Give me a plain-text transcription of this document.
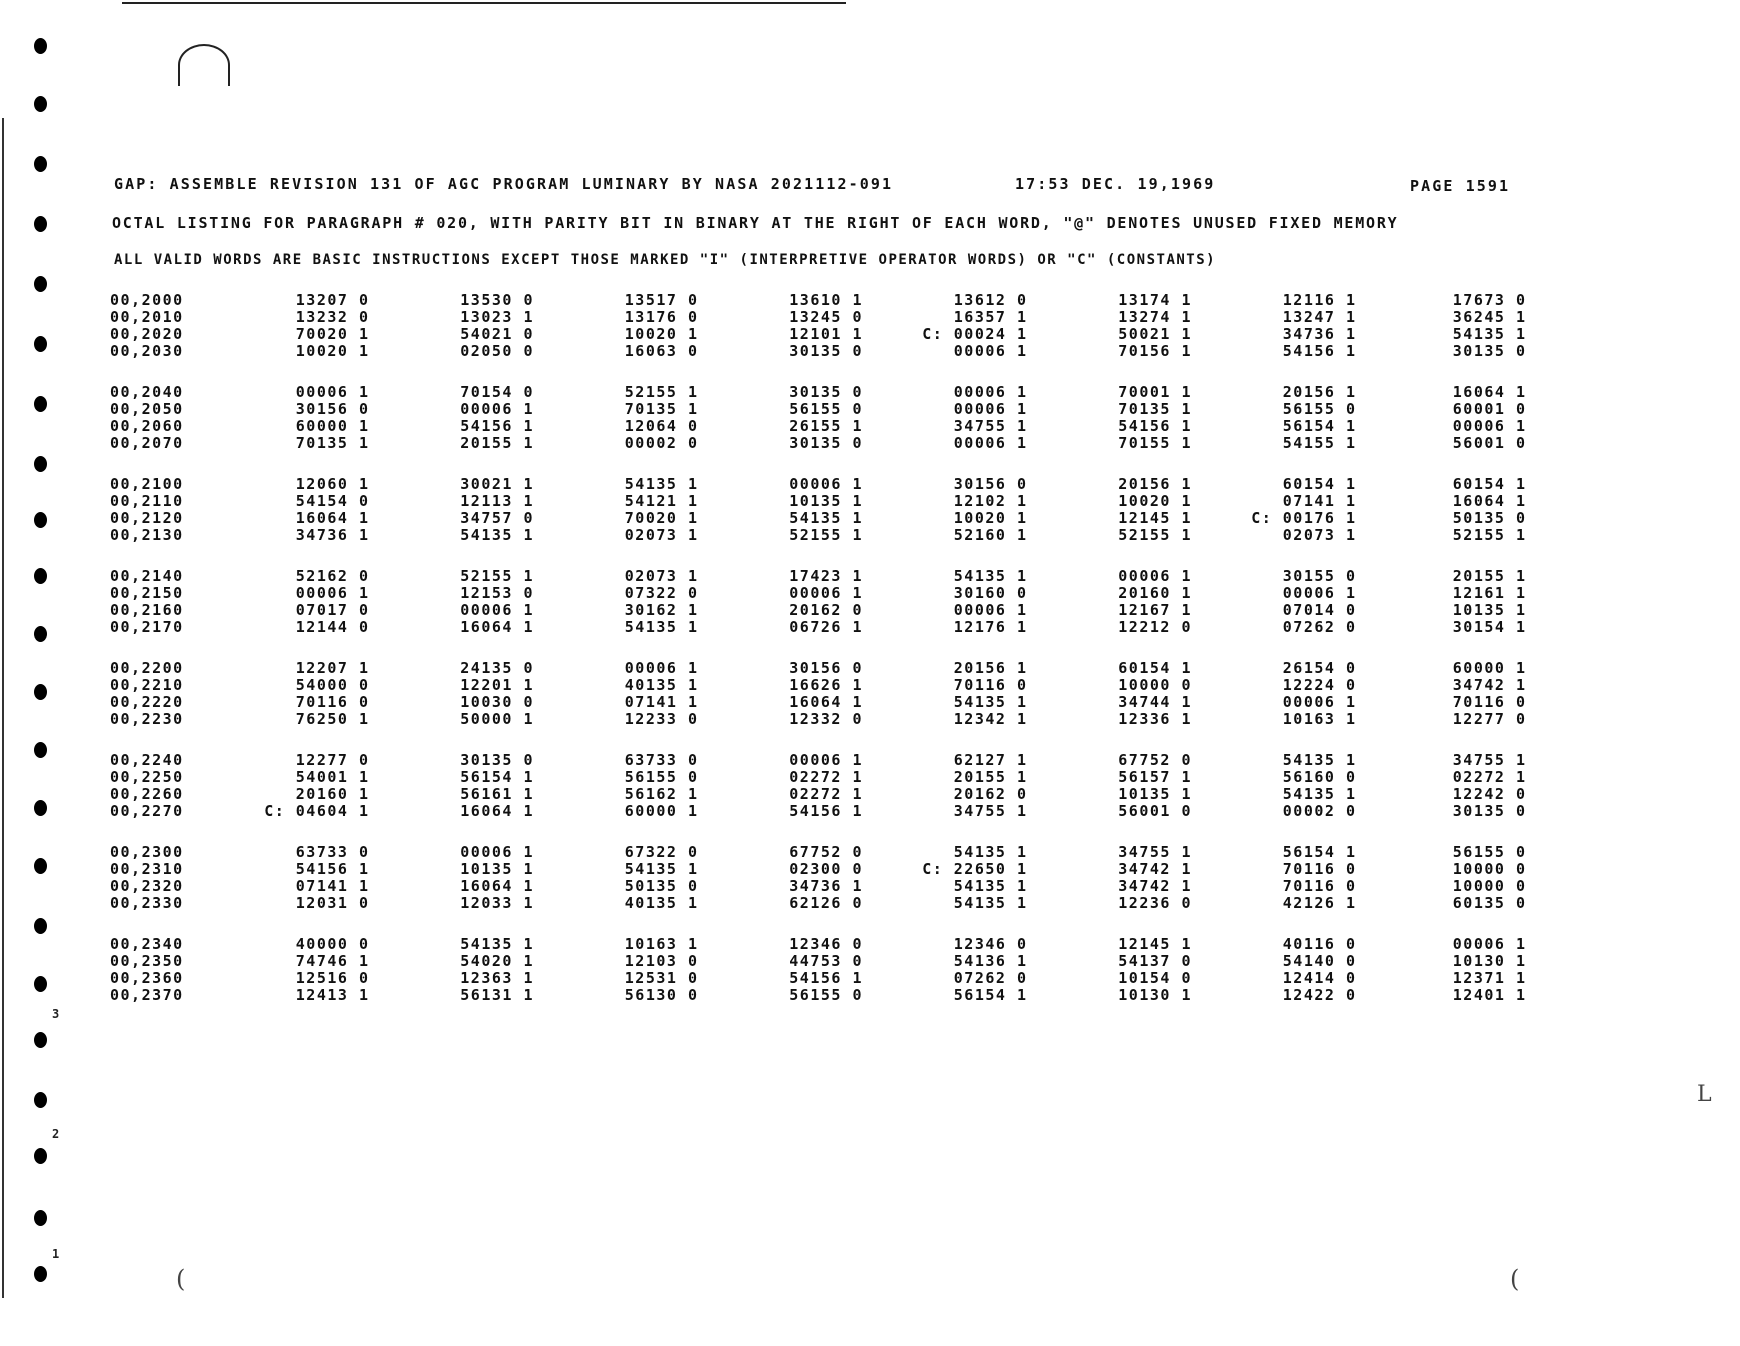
3
2
1
(	(
L
GAP: ASSEMBLE REVISION 131 OF AGC PROGRAM LUMINARY BY NASA 2021112-091	17:53 DEC. 19,1969	PAGE 1591
OCTAL LISTING FOR PARAGRAPH # 020, WITH PARITY BIT IN BINARY AT THE RIGHT OF EACH WORD, "@" DENOTES UNUSED FIXED MEMORY
ALL VALID WORDS ARE BASIC INSTRUCTIONS EXCEPT THOSE MARKED "I" (INTERPRETIVE OPERATOR WORDS) OR "C" (CONSTANTS)
00,2000	13207 0	13530 0	13517 0	13610 1	13612 0	13174 1	12116 1	17673 0
00,2010	13232 0	13023 1	13176 0	13245 0	16357 1	13274 1	13247 1	36245 1
00,2020	70020 1	54021 0	10020 1	12101 1	C: 00024 1	50021 1	34736 1	54135 1
00,2030	10020 1	02050 0	16063 0	30135 0	00006 1	70156 1	54156 1	30135 0
00,2040	00006 1	70154 0	52155 1	30135 0	00006 1	70001 1	20156 1	16064 1
00,2050	30156 0	00006 1	70135 1	56155 0	00006 1	70135 1	56155 0	60001 0
00,2060	60000 1	54156 1	12064 0	26155 1	34755 1	54156 1	56154 1	00006 1
00,2070	70135 1	20155 1	00002 0	30135 0	00006 1	70155 1	54155 1	56001 0
00,2100	12060 1	30021 1	54135 1	00006 1	30156 0	20156 1	60154 1	60154 1
00,2110	54154 0	12113 1	54121 1	10135 1	12102 1	10020 1	07141 1	16064 1
00,2120	16064 1	34757 0	70020 1	54135 1	10020 1	12145 1	C: 00176 1	50135 0
00,2130	34736 1	54135 1	02073 1	52155 1	52160 1	52155 1	02073 1	52155 1
00,2140	52162 0	52155 1	02073 1	17423 1	54135 1	00006 1	30155 0	20155 1
00,2150	00006 1	12153 0	07322 0	00006 1	30160 0	20160 1	00006 1	12161 1
00,2160	07017 0	00006 1	30162 1	20162 0	00006 1	12167 1	07014 0	10135 1
00,2170	12144 0	16064 1	54135 1	06726 1	12176 1	12212 0	07262 0	30154 1
00,2200	12207 1	24135 0	00006 1	30156 0	20156 1	60154 1	26154 0	60000 1
00,2210	54000 0	12201 1	40135 1	16626 1	70116 0	10000 0	12224 0	34742 1
00,2220	70116 0	10030 0	07141 1	16064 1	54135 1	34744 1	00006 1	70116 0
00,2230	76250 1	50000 1	12233 0	12332 0	12342 1	12336 1	10163 1	12277 0
00,2240	12277 0	30135 0	63733 0	00006 1	62127 1	67752 0	54135 1	34755 1
00,2250	54001 1	56154 1	56155 0	02272 1	20155 1	56157 1	56160 0	02272 1
00,2260	20160 1	56161 1	56162 1	02272 1	20162 0	10135 1	54135 1	12242 0
00,2270	C: 04604 1	16064 1	60000 1	54156 1	34755 1	56001 0	00002 0	30135 0
00,2300	63733 0	00006 1	67322 0	67752 0	54135 1	34755 1	56154 1	56155 0
00,2310	54156 1	10135 1	54135 1	02300 0	C: 22650 1	34742 1	70116 0	10000 0
00,2320	07141 1	16064 1	50135 0	34736 1	54135 1	34742 1	70116 0	10000 0
00,2330	12031 0	12033 1	40135 1	62126 0	54135 1	12236 0	42126 1	60135 0
00,2340	40000 0	54135 1	10163 1	12346 0	12346 0	12145 1	40116 0	00006 1
00,2350	74746 1	54020 1	12103 0	44753 0	54136 1	54137 0	54140 0	10130 1
00,2360	12516 0	12363 1	12531 0	54156 1	07262 0	10154 0	12414 0	12371 1
00,2370	12413 1	56131 1	56130 0	56155 0	56154 1	10130 1	12422 0	12401 1
